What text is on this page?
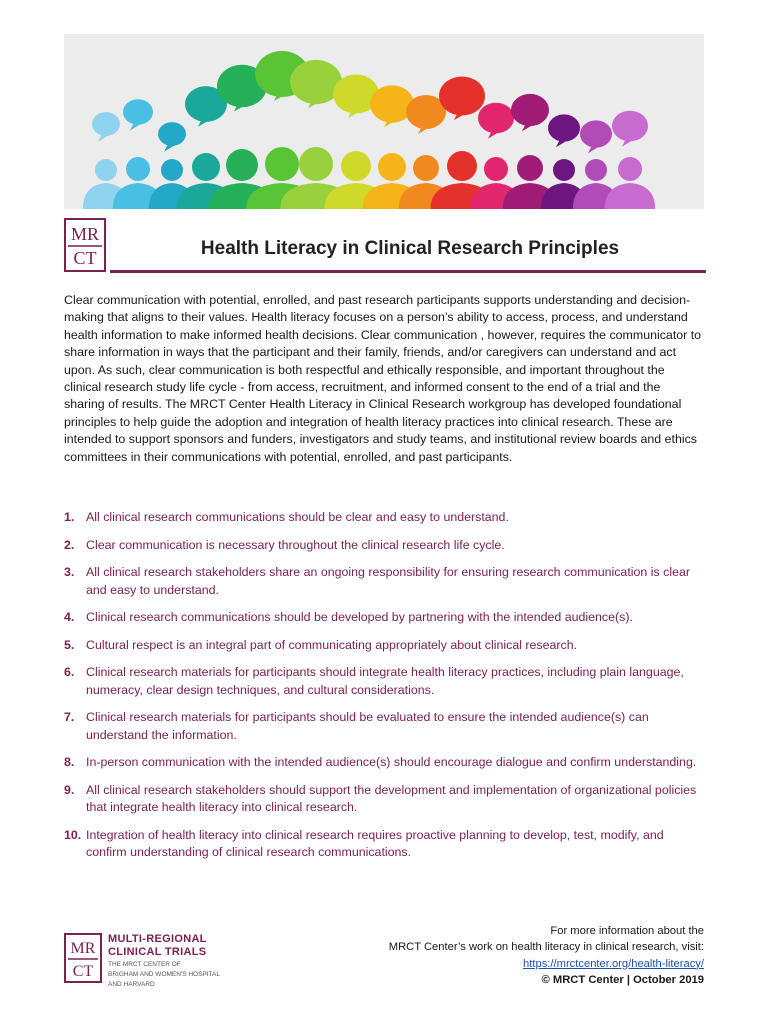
MR
CT	Health Literacy in Clinical Research Principles

Clear communication with potential, enrolled, and past research participants supports understanding and decision-making that aligns to their values. Health literacy focuses on a person’s ability to access, process, and understand health information to make informed health decisions. Clear communication , however, requires the communicator to share information in ways that the participant and their family, friends, and/or caregivers can understand and act upon. As such, clear communication is both respectful and ethically responsible, and important throughout the clinical research study life cycle - from access, recruitment, and informed consent to the end of a trial and the sharing of results. The MRCT Center Health Literacy in Clinical Research workgroup has developed foundational principles to help guide the adoption and integration of health literacy practices into clinical research. These are intended to support sponsors and funders, investigators and study teams, and institutional review boards and ethics committees in their communications with potential, enrolled, and past participants.

1. All clinical research communications should be clear and easy to understand.
2. Clear communication is necessary throughout the clinical research life cycle.
3. All clinical research stakeholders share an ongoing responsibility for ensuring research communication is clear and easy to understand.
4. Clinical research communications should be developed by partnering with the intended audience(s).
5. Cultural respect is an integral part of communicating appropriately about clinical research.
6. Clinical research materials for participants should integrate health literacy practices, including plain language, numeracy, clear design techniques, and cultural considerations.
7. Clinical research materials for participants should be evaluated to ensure the intended audience(s) can understand the information.
8. In-person communication with the intended audience(s) should encourage dialogue and confirm understanding.
9. All clinical research stakeholders should support the development and implementation of organizational policies that integrate health literacy into clinical research.
10. Integration of health literacy into clinical research requires proactive planning to develop, test, modify, and confirm understanding of clinical research communications.
MR
CT
MULTI-REGIONAL
CLINICAL TRIALS
THE MRCT CENTER OF
BRIGHAM AND WOMEN'S HOSPITAL
AND HARVARD
For more information about the
MRCT Center’s work on health literacy in clinical research, visit:
https://mrctcenter.org/health-literacy/
© MRCT Center | October 2019
